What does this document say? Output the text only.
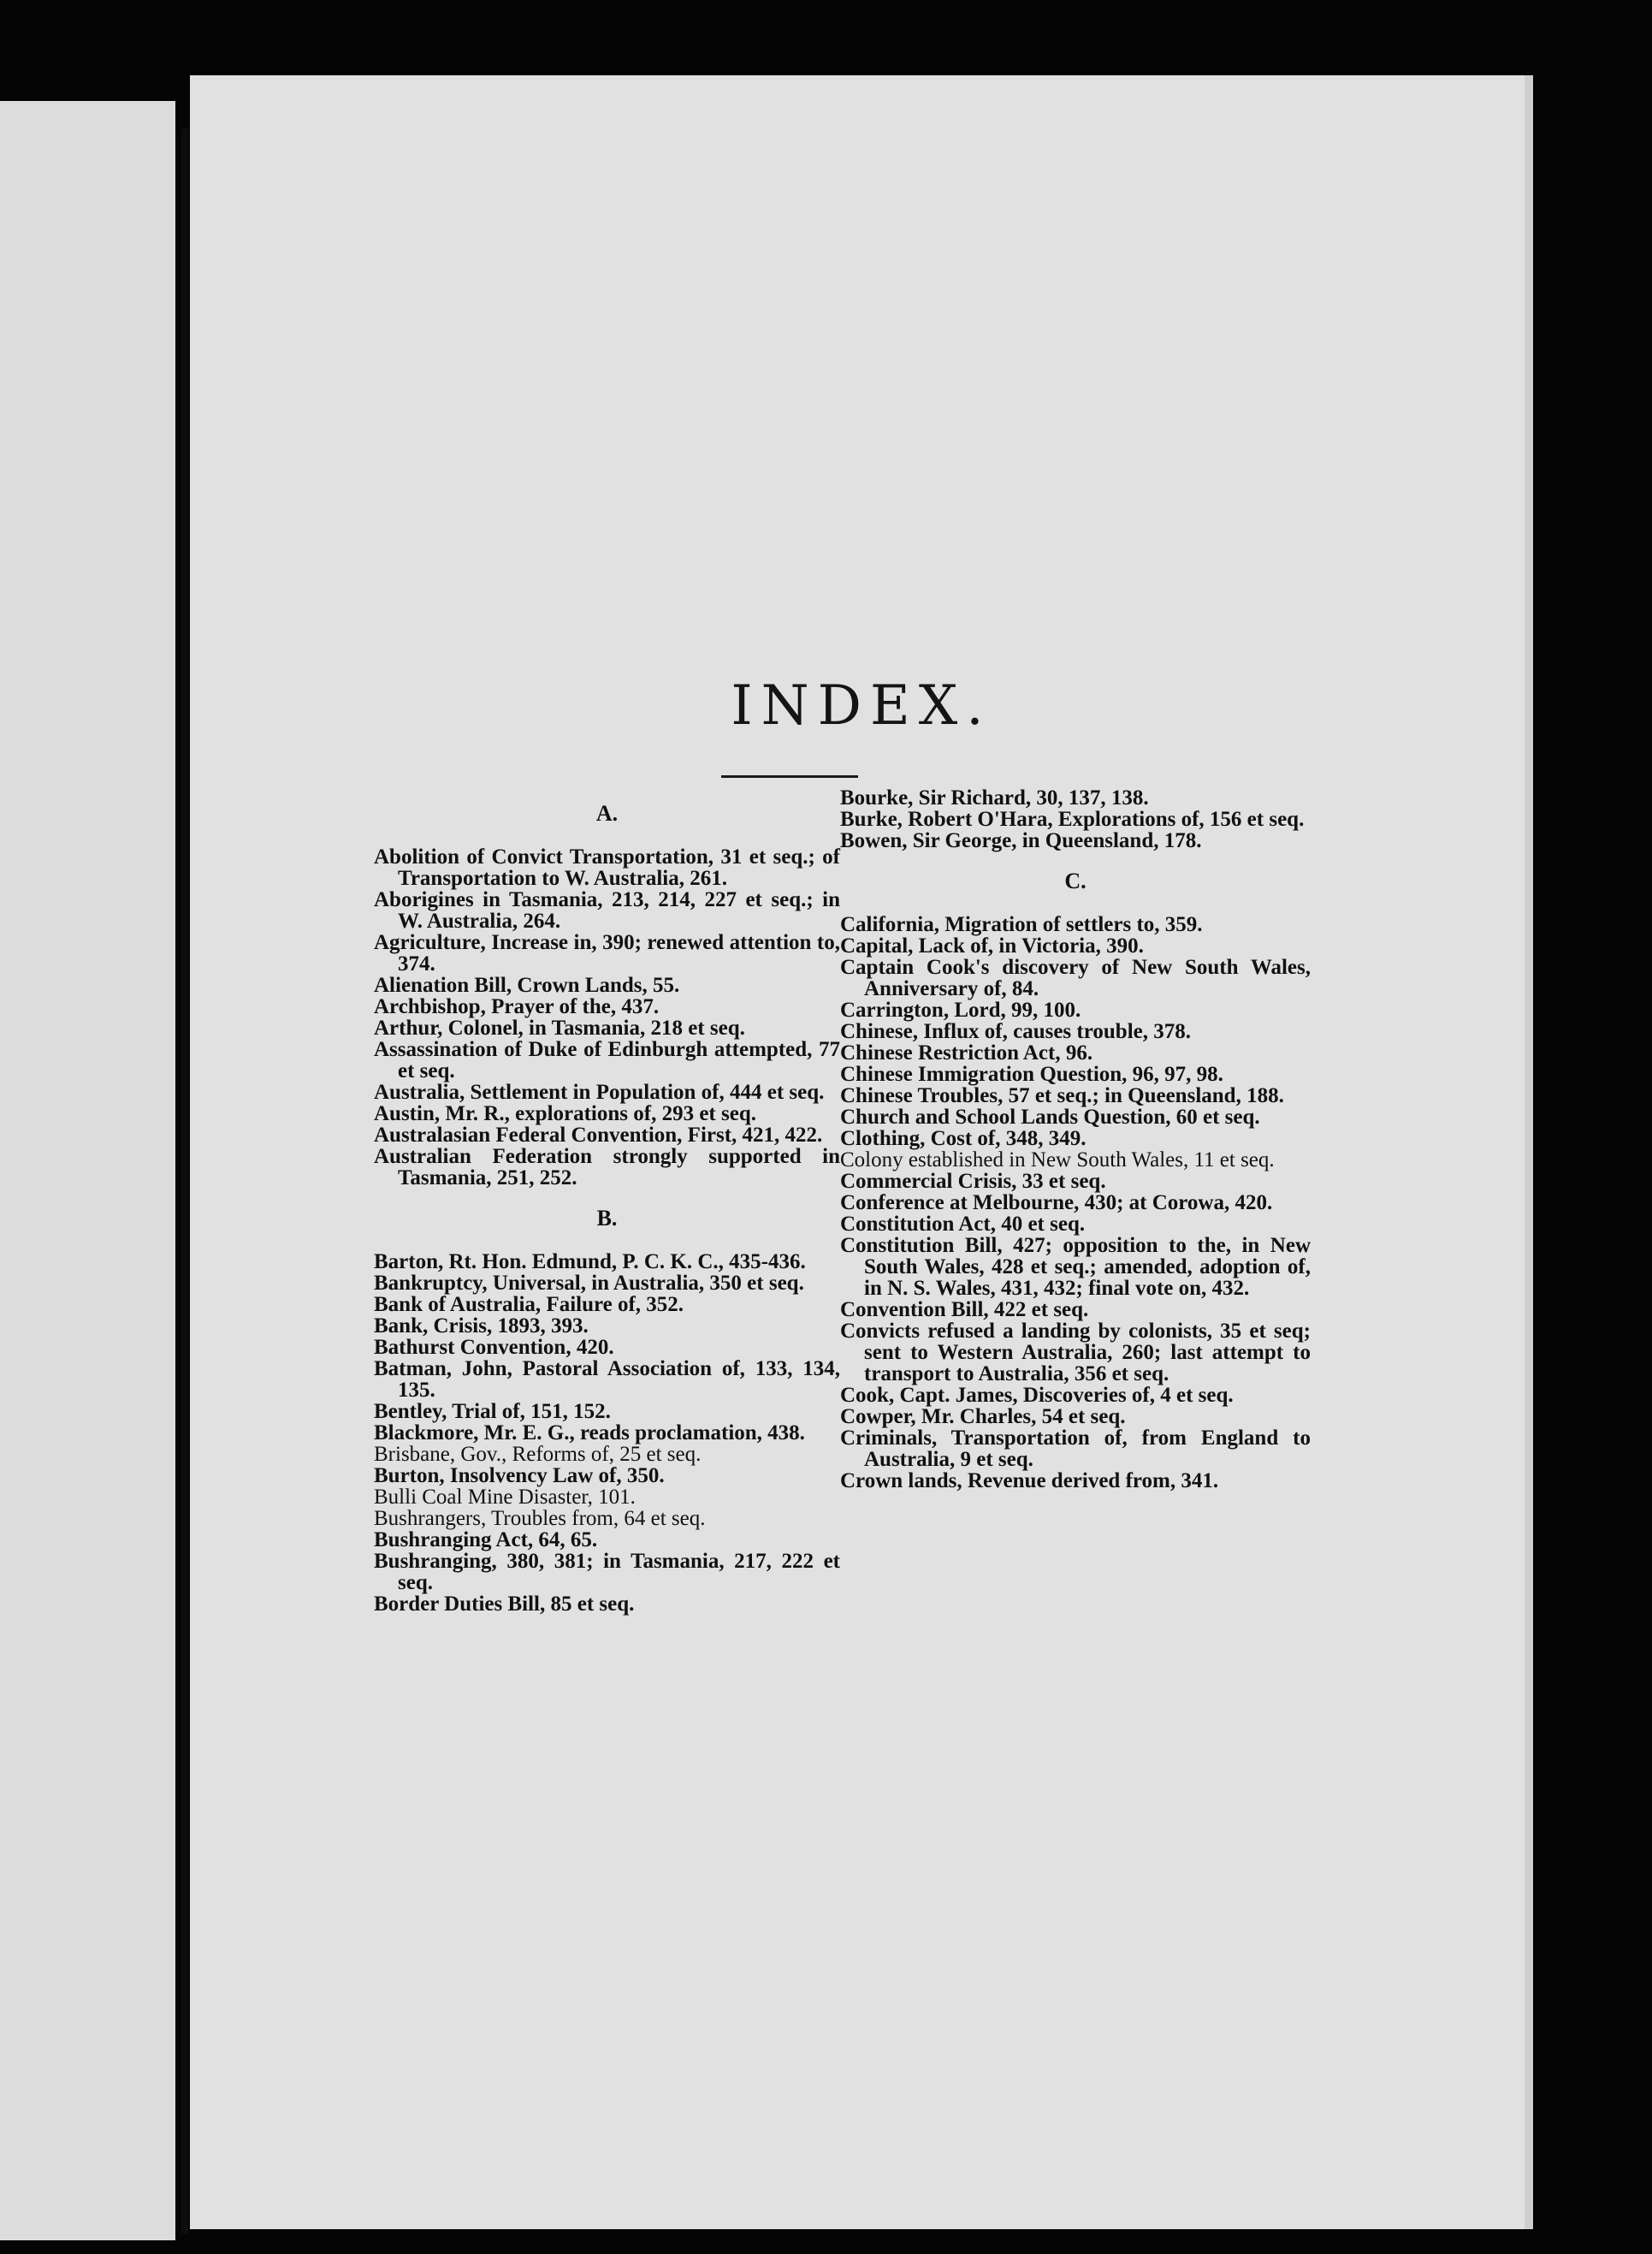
INDEX.
A.

Abolition of Convict Transportation, 31 et seq.; of Transportation to W. Australia, 261.

Aborigines in Tasmania, 213, 214, 227 et seq.; in W. Australia, 264.

Agriculture, Increase in, 390; renewed attention to, 374.

Alienation Bill, Crown Lands, 55.

Archbishop, Prayer of the, 437.

Arthur, Colonel, in Tasmania, 218 et seq.

Assassination of Duke of Edinburgh attempted, 77 et seq.

Australia, Settlement in Population of, 444 et seq.

Austin, Mr. R., explorations of, 293 et seq.

Australasian Federal Convention, First, 421, 422.

Australian Federation strongly supported in Tasmania, 251, 252.

B.

Barton, Rt. Hon. Edmund, P. C. K. C., 435-436.

Bankruptcy, Universal, in Australia, 350 et seq.

Bank of Australia, Failure of, 352.

Bank, Crisis, 1893, 393.

Bathurst Convention, 420.

Batman, John, Pastoral Association of, 133, 134, 135.

Bentley, Trial of, 151, 152.

Blackmore, Mr. E. G., reads proclamation, 438.

Brisbane, Gov., Reforms of, 25 et seq.

Burton, Insolvency Law of, 350.

Bulli Coal Mine Disaster, 101.

Bushrangers, Troubles from, 64 et seq.

Bushranging Act, 64, 65.

Bushranging, 380, 381; in Tasmania, 217, 222 et seq.

Border Duties Bill, 85 et seq.

Bourke, Sir Richard, 30, 137, 138.

Burke, Robert O'Hara, Explorations of, 156 et seq.

Bowen, Sir George, in Queensland, 178.

C.

California, Migration of settlers to, 359.

Capital, Lack of, in Victoria, 390.

Captain Cook's discovery of New South Wales, Anniversary of, 84.

Carrington, Lord, 99, 100.

Chinese, Influx of, causes trouble, 378.

Chinese Restriction Act, 96.

Chinese Immigration Question, 96, 97, 98.

Chinese Troubles, 57 et seq.; in Queensland, 188.

Church and School Lands Question, 60 et seq.

Clothing, Cost of, 348, 349.

Colony established in New South Wales, 11 et seq.

Commercial Crisis, 33 et seq.

Conference at Melbourne, 430; at Corowa, 420.

Constitution Act, 40 et seq.

Constitution Bill, 427; opposition to the, in New South Wales, 428 et seq.; amended, adoption of, in N. S. Wales, 431, 432; final vote on, 432.

Convention Bill, 422 et seq.

Convicts refused a landing by colonists, 35 et seq; sent to Western Australia, 260; last attempt to transport to Australia, 356 et seq.

Cook, Capt. James, Discoveries of, 4 et seq.

Cowper, Mr. Charles, 54 et seq.

Criminals, Transportation of, from England to Australia, 9 et seq.

Crown lands, Revenue derived from, 341.
